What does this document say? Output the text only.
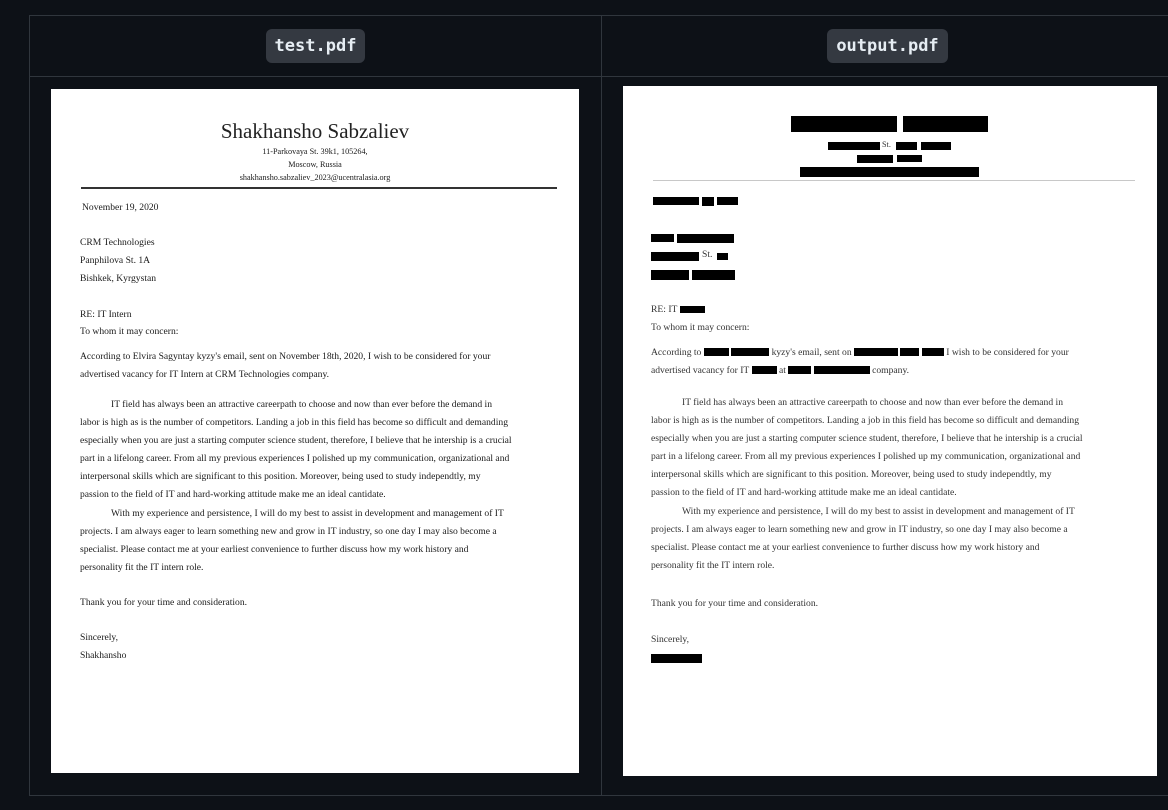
test.pdf	output.pdf
Shakhansho Sabzaliev
11-Parkovaya St. 39k1, 105264,
Moscow, Russia
shakhansho.sabzaliev_2023@ucentralasia.org
November 19, 2020
CRM Technologies
Panphilova St. 1A
Bishkek, Kyrgystan
RE: IT Intern
To whom it may concern:
According to Elvira Sagyntay kyzy's email, sent on November 18th, 2020, I wish to be considered for your
advertised vacancy for IT Intern at CRM Technologies company.
IT field has always been an attractive careerpath to choose and now than ever before the demand in
labor is high as is the number of competitors. Landing a job in this field has become so difficult and demanding
especially when you are just a starting computer science student, therefore, I believe that he intership is a crucial
part in a lifelong career. From all my previous experiences I polished up my communication, organizational and
interpersonal skills which are significant to this position. Moreover, being used to study independtly, my
passion to the field of IT and hard-working attitude make me an ideal cantidate.
With my experience and persistence, I will do my best to assist in development and management of IT
projects. I am always eager to learn something new and grow in IT industry, so one day I may also become a
specialist. Please contact me at your earliest convenience to further discuss how my work history and
personality fit the IT intern role.
Thank you for your time and consideration.
Sincerely,
Shakhansho
St.
St.
RE: IT
To whom it may concern:
According to	kyzy's email, sent on	I wish to be considered for your
advertised vacancy for IT	at	company.
IT field has always been an attractive careerpath to choose and now than ever before the demand in
labor is high as is the number of competitors. Landing a job in this field has become so difficult and demanding
especially when you are just a starting computer science student, therefore, I believe that he intership is a crucial
part in a lifelong career. From all my previous experiences I polished up my communication, organizational and
interpersonal skills which are significant to this position. Moreover, being used to study independtly, my
passion to the field of IT and hard-working attitude make me an ideal cantidate.
With my experience and persistence, I will do my best to assist in development and management of IT
projects. I am always eager to learn something new and grow in IT industry, so one day I may also become a
specialist. Please contact me at your earliest convenience to further discuss how my work history and
personality fit the IT intern role.
Thank you for your time and consideration.
Sincerely,
